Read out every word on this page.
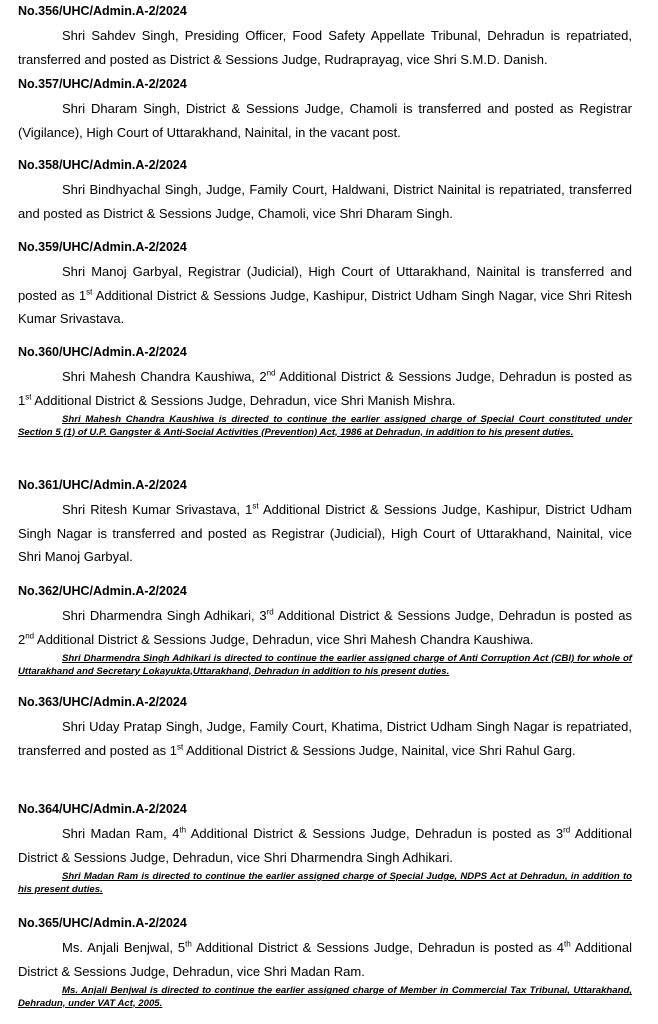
No.356/UHC/Admin.A-2/2024

Shri Sahdev Singh, Presiding Officer, Food Safety Appellate Tribunal, Dehradun is repatriated, transferred and posted as District & Sessions Judge, Rudraprayag, vice Shri S.M.D. Danish.

No.357/UHC/Admin.A-2/2024

Shri Dharam Singh, District & Sessions Judge, Chamoli is transferred and posted as Registrar (Vigilance), High Court of Uttarakhand, Nainital, in the vacant post.

No.358/UHC/Admin.A-2/2024

Shri Bindhyachal Singh, Judge, Family Court, Haldwani, District Nainital is repatriated, transferred and posted as District & Sessions Judge, Chamoli, vice Shri Dharam Singh.

No.359/UHC/Admin.A-2/2024

Shri Manoj Garbyal, Registrar (Judicial), High Court of Uttarakhand, Nainital is transferred and posted as 1st Additional District & Sessions Judge, Kashipur, District Udham Singh Nagar, vice Shri Ritesh Kumar Srivastava.

No.360/UHC/Admin.A-2/2024

Shri Mahesh Chandra Kaushiwa, 2nd Additional District & Sessions Judge, Dehradun is posted as 1st Additional District & Sessions Judge, Dehradun, vice Shri Manish Mishra.

Shri Mahesh Chandra Kaushiwa is directed to continue the earlier assigned charge of Special Court constituted under Section 5 (1) of U.P. Gangster & Anti-Social Activities (Prevention) Act, 1986 at Dehradun, in addition to his present duties.

No.361/UHC/Admin.A-2/2024

Shri Ritesh Kumar Srivastava, 1st Additional District & Sessions Judge, Kashipur, District Udham Singh Nagar is transferred and posted as Registrar (Judicial), High Court of Uttarakhand, Nainital, vice Shri Manoj Garbyal.

No.362/UHC/Admin.A-2/2024

Shri Dharmendra Singh Adhikari, 3rd Additional District & Sessions Judge, Dehradun is posted as 2nd Additional District & Sessions Judge, Dehradun, vice Shri Mahesh Chandra Kaushiwa.

Shri Dharmendra Singh Adhikari is directed to continue the earlier assigned charge of Anti Corruption Act (CBI) for whole of Uttarakhand and Secretary Lokayukta,Uttarakhand, Dehradun in addition to his present duties.

No.363/UHC/Admin.A-2/2024

Shri Uday Pratap Singh, Judge, Family Court, Khatima, District Udham Singh Nagar is repatriated, transferred and posted as 1st Additional District & Sessions Judge, Nainital, vice Shri Rahul Garg.

No.364/UHC/Admin.A-2/2024

Shri Madan Ram, 4th Additional District & Sessions Judge, Dehradun is posted as 3rd Additional District & Sessions Judge, Dehradun, vice Shri Dharmendra Singh Adhikari.

Shri Madan Ram is directed to continue the earlier assigned charge of Special Judge, NDPS Act at Dehradun, in addition to his present duties.

No.365/UHC/Admin.A-2/2024

Ms. Anjali Benjwal, 5th Additional District & Sessions Judge, Dehradun is posted as 4th Additional District & Sessions Judge, Dehradun, vice Shri Madan Ram.

Ms. Anjali Benjwal is directed to continue the earlier assigned charge of Member in Commercial Tax Tribunal, Uttarakhand, Dehradun, under VAT Act, 2005.
